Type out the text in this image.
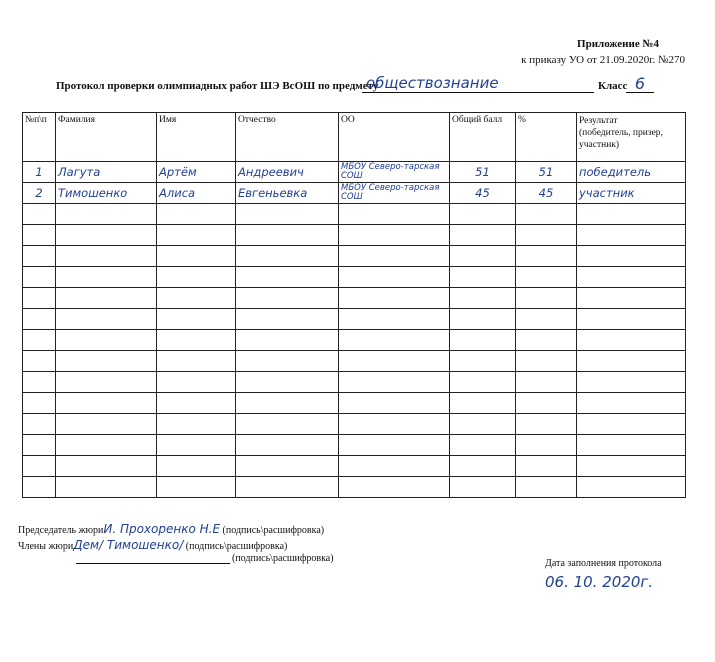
Приложение №4
к приказу УО от 21.09.2020г. №270
Протокол проверки олимпиадных работ ШЭ ВсОШ по предмету
обществознание	Класс 6
№п\п	Фамилия	Имя	Отчество	ОО	Общий балл	%	Результат
(победитель, призер, участник)
1	Лагута	Артём	Андреевич	МБОУ Северо-тарская СОШ	51	51	победитель
2	Тимошенко	Алиса	Евгеньевка	МБОУ Северо-тарская СОШ	45	45	участник

Председатель жюриИ. Прохоренко Н.Е (подпись\расшифровка)
Члены жюриДем/ Тимошенко/ (подпись\расшифровка)
(подпись\расшифровка)	Дата заполнения протокола
06. 10. 2020г.
